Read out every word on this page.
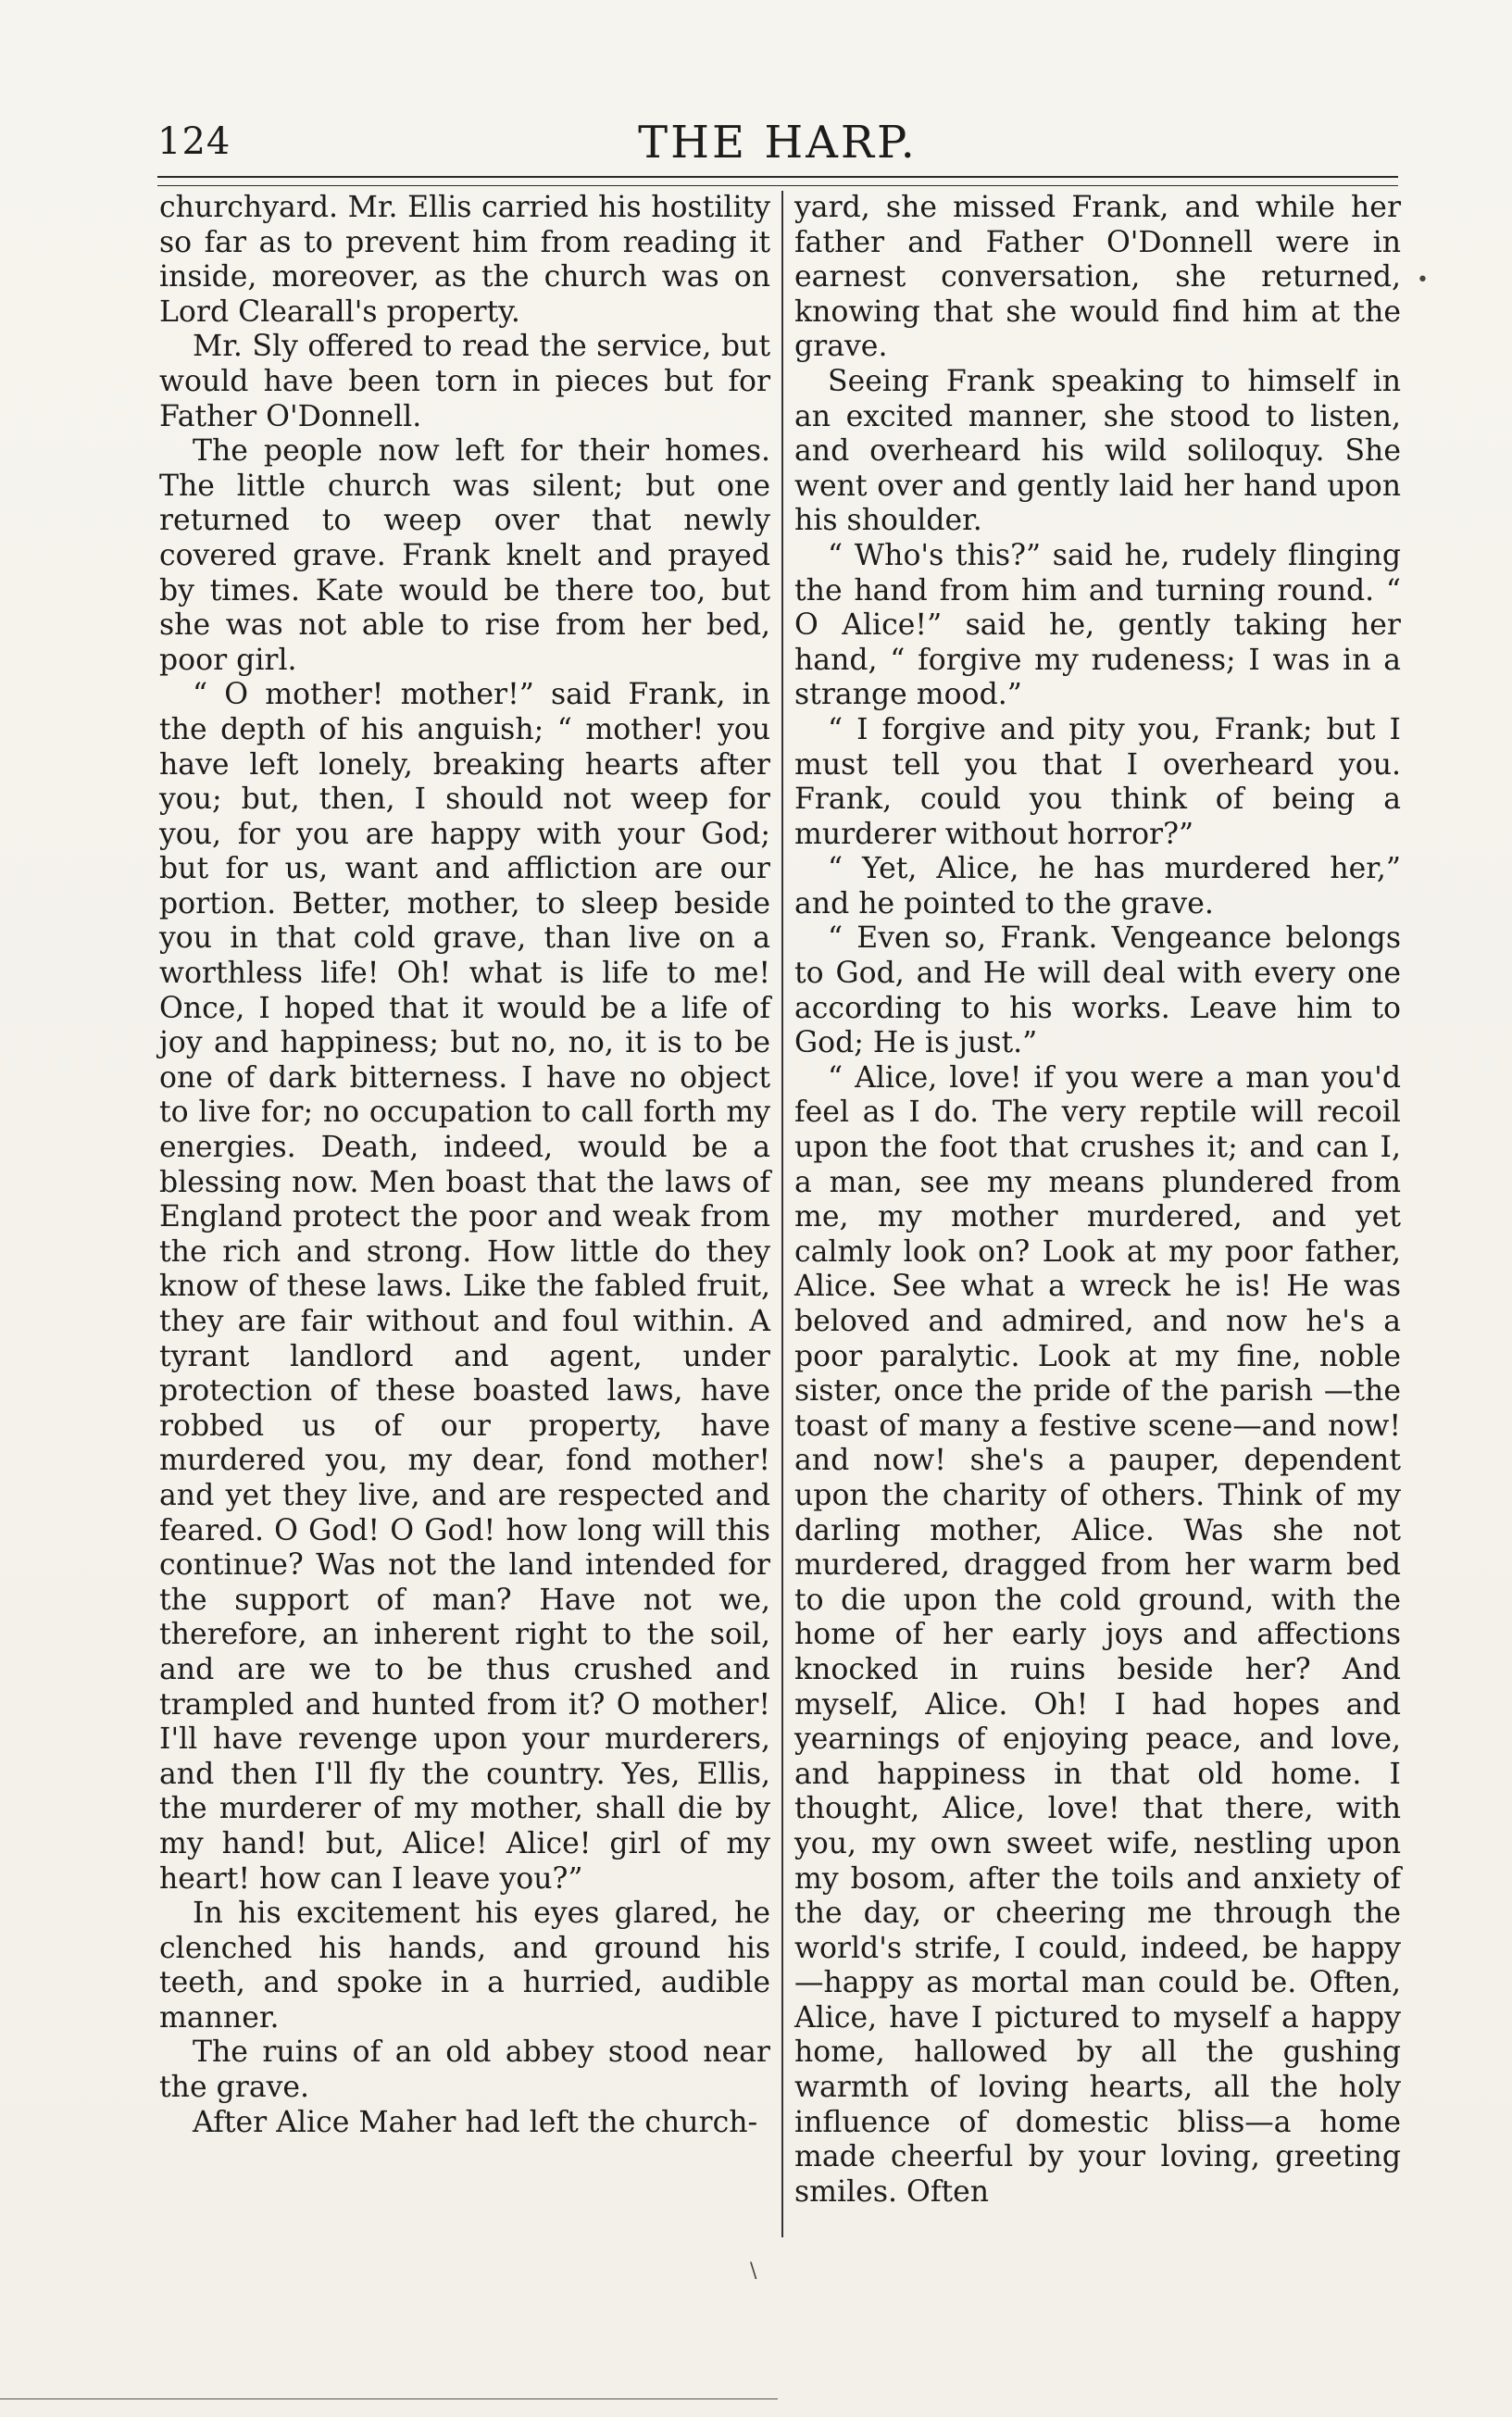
124	THE HARP.

churchyard. Mr. Ellis carried his hostility so far as to prevent him from reading it inside, moreover, as the church was on Lord Clearall's property.

Mr. Sly offered to read the service, but would have been torn in pieces but for Father O'Donnell.

The people now left for their homes. The little church was silent; but one returned to weep over that newly covered grave. Frank knelt and prayed by times. Kate would be there too, but she was not able to rise from her bed, poor girl.

“ O mother! mother!” said Frank, in the depth of his anguish; “ mother! you have left lonely, breaking hearts after you; but, then, I should not weep for you, for you are happy with your God; but for us, want and affliction are our portion. Better, mother, to sleep beside you in that cold grave, than live on a worthless life! Oh! what is life to me! Once, I hoped that it would be a life of joy and happiness; but no, no, it is to be one of dark bitterness. I have no object to live for; no occupation to call forth my energies. Death, indeed, would be a blessing now. Men boast that the laws of England protect the poor and weak from the rich and strong. How little do they know of these laws. Like the fabled fruit, they are fair without and foul within. A tyrant landlord and agent, under protection of these boasted laws, have robbed us of our property, have murdered you, my dear, fond mother! and yet they live, and are respected and feared. O God! O God! how long will this continue? Was not the land intended for the support of man? Have not we, therefore, an inherent right to the soil, and are we to be thus crushed and trampled and hunted from it? O mother! I'll have revenge upon your murderers, and then I'll fly the country. Yes, Ellis, the murderer of my mother, shall die by my hand! but, Alice! Alice! girl of my heart! how can I leave you?”

In his excitement his eyes glared, he clenched his hands, and ground his teeth, and spoke in a hurried, audible manner.

The ruins of an old abbey stood near the grave.

After Alice Maher had left the church-

yard, she missed Frank, and while her father and Father O'Donnell were in earnest conversation, she returned, knowing that she would find him at the grave.

Seeing Frank speaking to himself in an excited manner, she stood to listen, and overheard his wild soliloquy. She went over and gently laid her hand upon his shoulder.

“ Who's this?” said he, rudely flinging the hand from him and turning round. “ O Alice!” said he, gently taking her hand, “ forgive my rudeness; I was in a strange mood.”

“ I forgive and pity you, Frank; but I must tell you that I overheard you. Frank, could you think of being a murderer without horror?”

“ Yet, Alice, he has murdered her,” and he pointed to the grave.

“ Even so, Frank. Vengeance belongs to God, and He will deal with every one according to his works. Leave him to God; He is just.”

“ Alice, love! if you were a man you'd feel as I do. The very reptile will recoil upon the foot that crushes it; and can I, a man, see my means plundered from me, my mother murdered, and yet calmly look on? Look at my poor father, Alice. See what a wreck he is! He was beloved and admired, and now he's a poor paralytic. Look at my fine, noble sister, once the pride of the parish —the toast of many a festive scene—and now! and now! she's a pauper, dependent upon the charity of others. Think of my darling mother, Alice. Was she not murdered, dragged from her warm bed to die upon the cold ground, with the home of her early joys and affections knocked in ruins beside her? And myself, Alice. Oh! I had hopes and yearnings of enjoying peace, and love, and happiness in that old home. I thought, Alice, love! that there, with you, my own sweet wife, nestling upon my bosom, after the toils and anxiety of the day, or cheering me through the world's strife, I could, indeed, be happy—happy as mortal man could be. Often, Alice, have I pictured to myself a happy home, hallowed by all the gushing warmth of loving hearts, all the holy influence of domestic bliss—a home made cheerful by your loving, greeting smiles. Often

•
\
